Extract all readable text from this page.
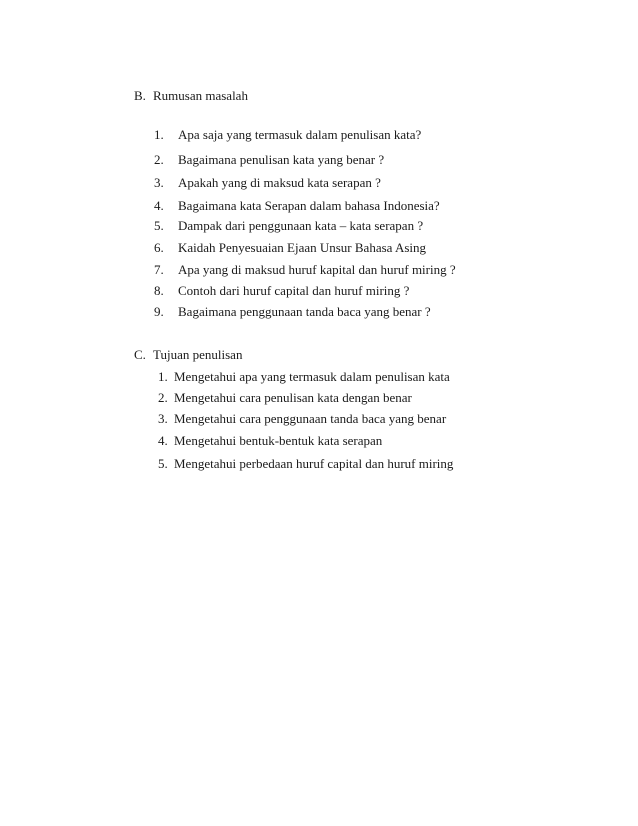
B. Rumusan masalah
1. Apa saja yang termasuk dalam penulisan kata?
2. Bagaimana penulisan kata yang benar ?
3. Apakah yang di maksud kata serapan ?
4. Bagaimana kata Serapan dalam bahasa Indonesia?
5. Dampak dari penggunaan kata – kata serapan ?
6. Kaidah Penyesuaian Ejaan Unsur Bahasa Asing
7. Apa yang di maksud huruf kapital dan huruf miring ?
8. Contoh dari huruf capital dan huruf miring ?
9. Bagaimana penggunaan tanda baca yang benar ?
C. Tujuan penulisan
1. Mengetahui apa yang termasuk dalam penulisan kata
2. Mengetahui cara penulisan kata dengan benar
3. Mengetahui cara penggunaan tanda baca yang benar
4. Mengetahui bentuk-bentuk kata serapan
5. Mengetahui perbedaan huruf capital dan huruf miring
